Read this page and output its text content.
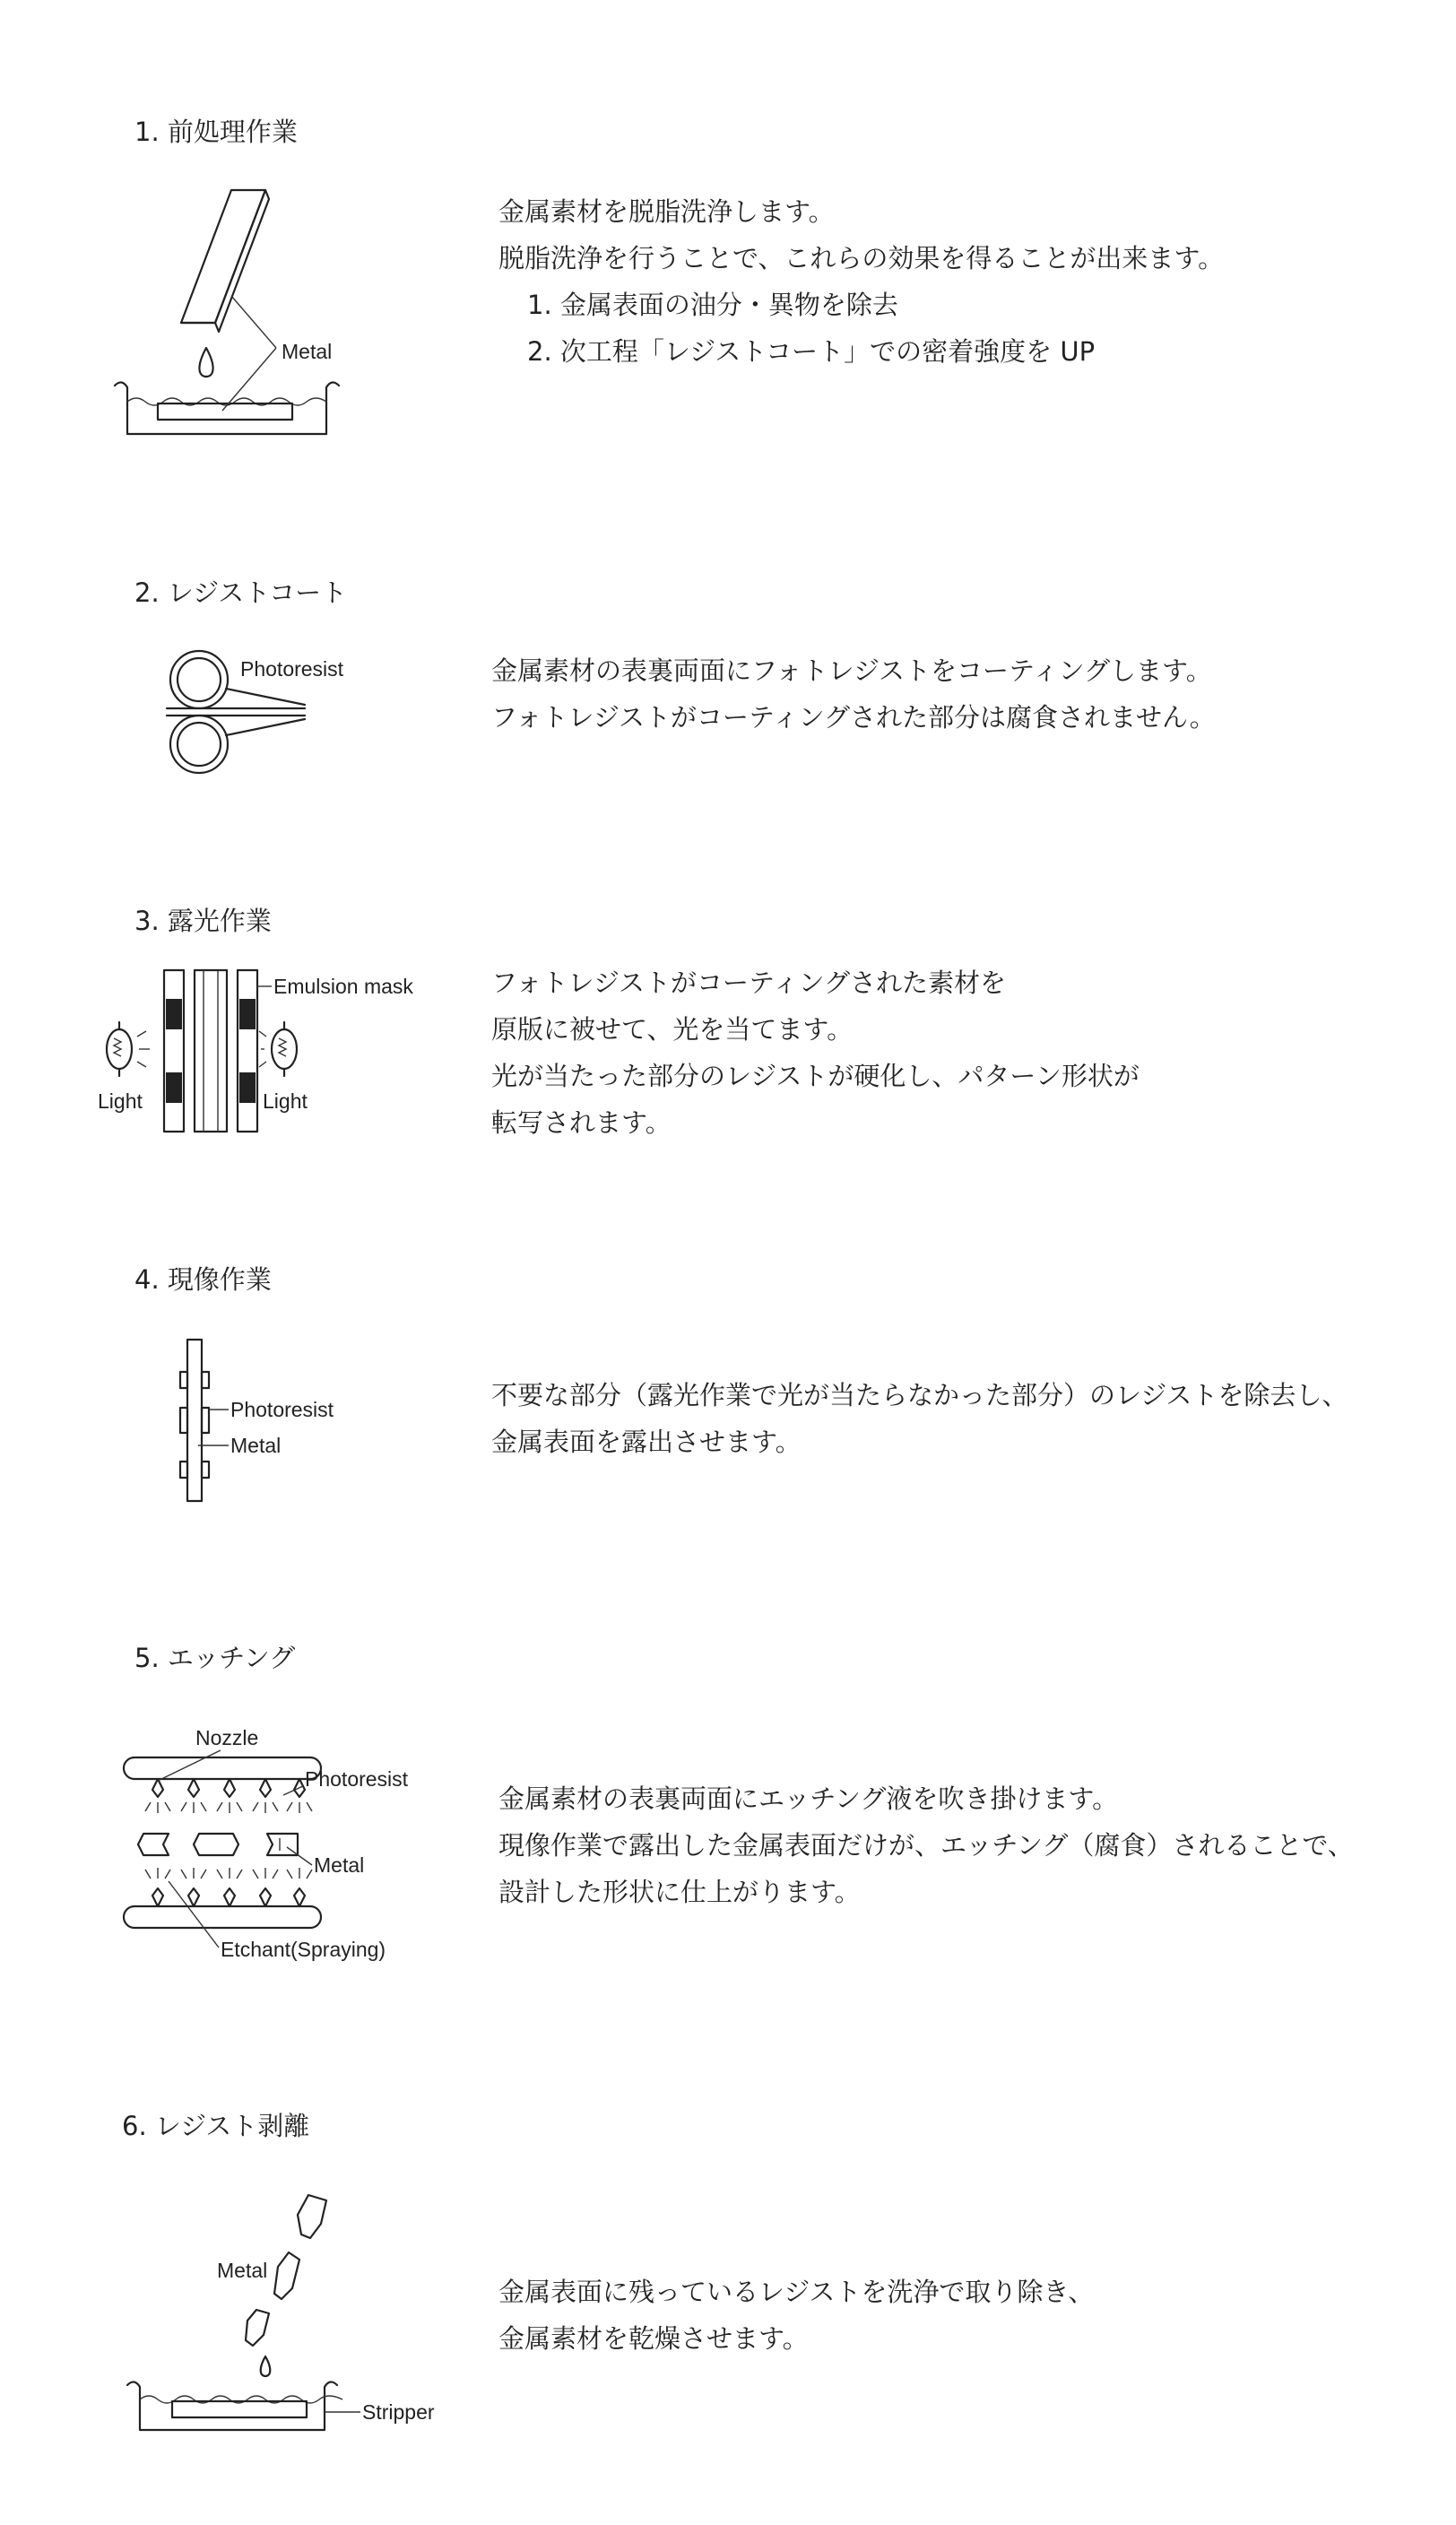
1. 前処理作業
Metal

金属素材を脱脂洗浄します。

脱脂洗浄を行うことで、これらの効果を得ることが出来ます。

1. 金属表面の油分・異物を除去

2. 次工程「レジストコート」での密着強度を UP

2. レジストコート
Photoresist	金属素材の表裏両面にフォトレジストをコーティングします。

フォトレジストがコーティングされた部分は腐食されません。

3. 露光作業
Emulsion mask
Light	Light

フォトレジストがコーティングされた素材を

原版に被せて、光を当てます。

光が当たった部分のレジストが硬化し、パターン形状が

転写されます。

4. 現像作業
Photoresist
Metal

不要な部分（露光作業で光が当たらなかった部分）のレジストを除去し、

金属表面を露出させます。

5. エッチング
Nozzle
Photoresist
Metal
Etchant(Spraying)

金属素材の表裏両面にエッチング液を吹き掛けます。

現像作業で露出した金属表面だけが、エッチング（腐食）されることで、

設計した形状に仕上がります。

6. レジスト剥離
Metal
Stripper

金属表面に残っているレジストを洗浄で取り除き、

金属素材を乾燥させます。
